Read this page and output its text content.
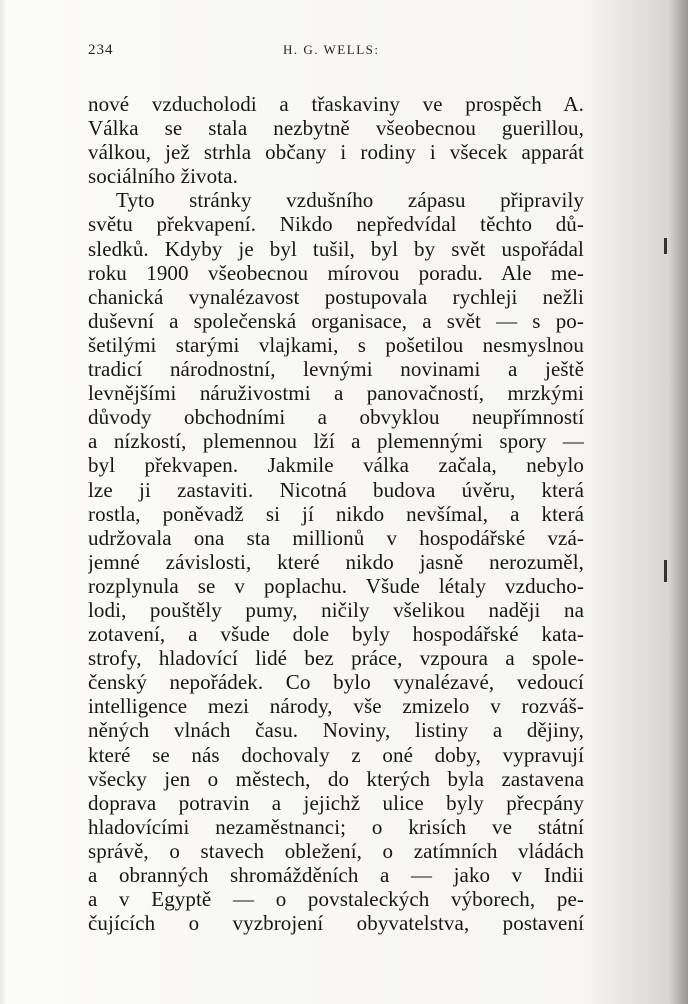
234	H. G. WELLS:
nové vzducholodi a třaskaviny ve prospěch A.
Válka se stala nezbytně všeobecnou guerillou,
válkou, jež strhla občany i rodiny i všecek apparát
sociálního života.
Tyto stránky vzdušního zápasu připravily
světu překvapení. Nikdo nepředvídal těchto dů-
sledků. Kdyby je byl tušil, byl by svět uspořádal
roku 1900 všeobecnou mírovou poradu. Ale me-
chanická vynalézavost postupovala rychleji nežli
duševní a společenská organisace, a svět — s po-
šetilými starými vlajkami, s pošetilou nesmyslnou
tradicí národnostní, levnými novinami a ještě
levnějšími náruživostmi a panovačností, mrzkými
důvody obchodními a obvyklou neupřímností
a nízkostí, plemennou lží a plemennými spory —
byl překvapen. Jakmile válka začala, nebylo
lze ji zastaviti. Nicotná budova úvěru, která
rostla, poněvadž si jí nikdo nevšímal, a která
udržovala ona sta millionů v hospodářské vzá-
jemné závislosti, které nikdo jasně nerozuměl,
rozplynula se v poplachu. Všude létaly vzducho-
lodi, pouštěly pumy, ničily všelikou naději na
zotavení, a všude dole byly hospodářské kata-
strofy, hladovící lidé bez práce, vzpoura a spole-
čenský nepořádek. Co bylo vynalézavé, vedoucí
intelligence mezi národy, vše zmizelo v rozváš-
něných vlnách času. Noviny, listiny a dějiny,
které se nás dochovaly z oné doby, vypravují
všecky jen o městech, do kterých byla zastavena
doprava potravin a jejichž ulice byly přecpány
hladovícími nezaměstnanci; o krisích ve státní
správě, o stavech obležení, o zatímních vládách
a obranných shromážděních a — jako v Indii
a v Egyptě — o povstaleckých výborech, pe-
čujících o vyzbrojení obyvatelstva, postavení
